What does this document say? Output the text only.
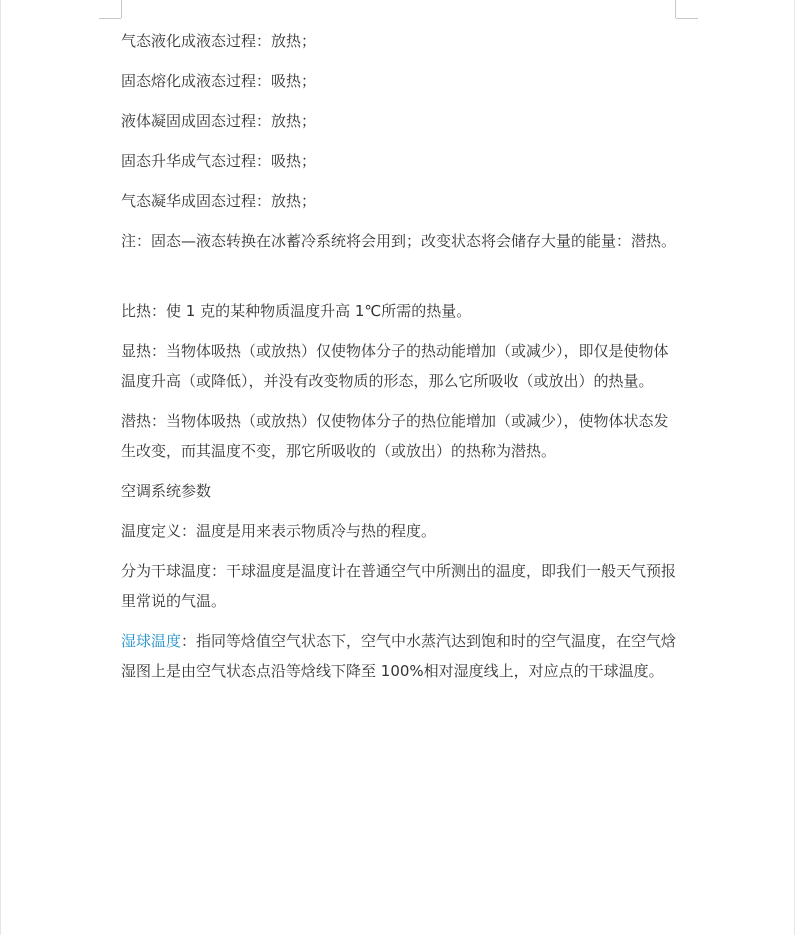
气态液化成液态过程：放热；

固态熔化成液态过程：吸热；

液体凝固成固态过程：放热；

固态升华成气态过程：吸热；

气态凝华成固态过程：放热；

注：固态—液态转换在冰蓄冷系统将会用到；改变状态将会储存大量的能量：潜热。

比热：使 1 克的某种物质温度升高 1℃所需的热量。

显热：当物体吸热（或放热）仅使物体分子的热动能增加（或减少），即仅是使物体温度升高（或降低），并没有改变物质的形态，那么它所吸收（或放出）的热量。

潜热：当物体吸热（或放热）仅使物体分子的热位能增加（或减少），使物体状态发生改变，而其温度不变，那它所吸收的（或放出）的热称为潜热。

空调系统参数

温度定义：温度是用来表示物质冷与热的程度。

分为干球温度：干球温度是温度计在普通空气中所测出的温度，即我们一般天气预报里常说的气温。

湿球温度：指同等焓值空气状态下，空气中水蒸汽达到饱和时的空气温度，在空气焓湿图上是由空气状态点沿等焓线下降至 100%相对湿度线上，对应点的干球温度。
